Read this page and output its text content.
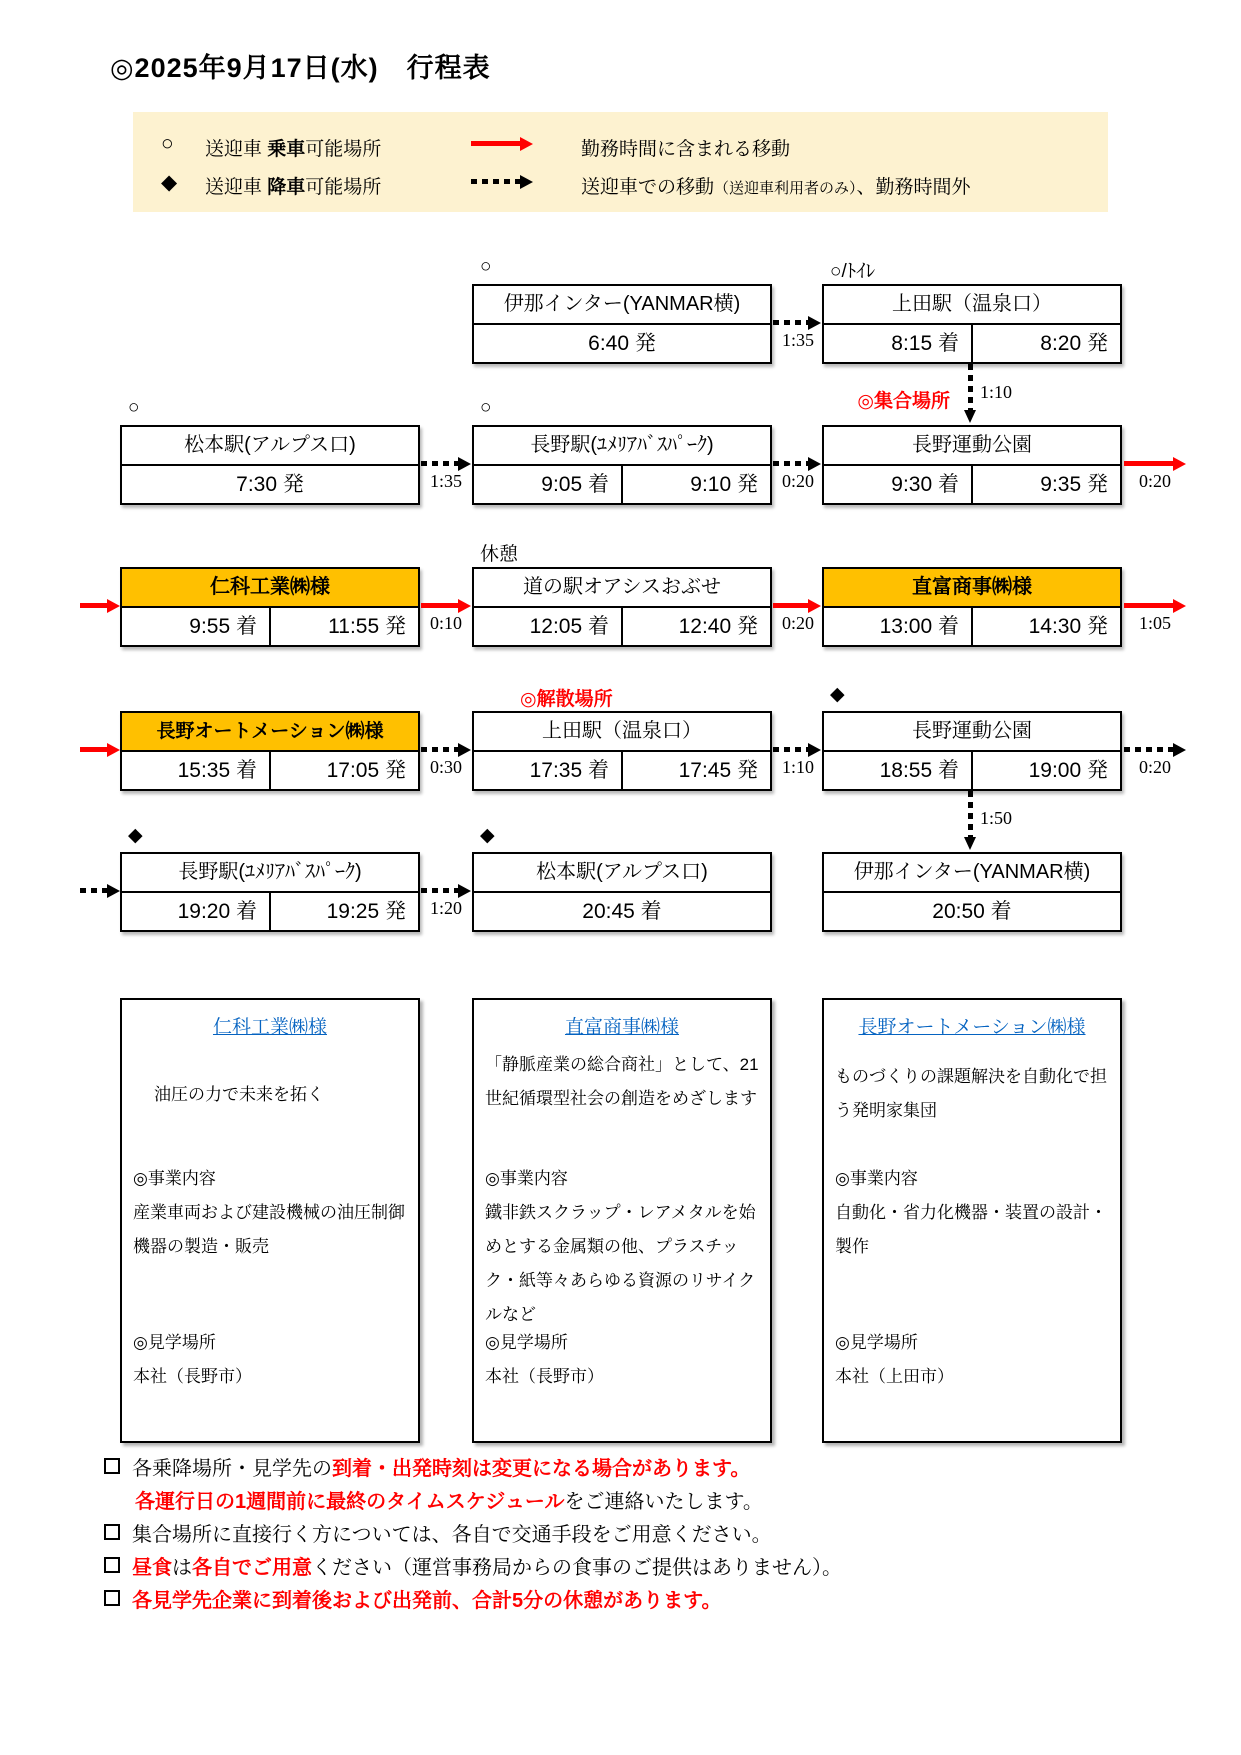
◎2025年9月17日(水)　行程表
○ 送迎車 乗車可能場所
◆ 送迎車 降車可能場所
勤務時間に含まれる移動
送迎車での移動（送迎車利用者のみ）、勤務時間外
○
伊那インター(YANMAR横)
6:40 発
○/ﾄｲﾚ
上田駅（温泉口）
8:15 着	8:20 発
1:35
1:10
◎集合場所
○
松本駅(アルプス口)
7:30 発
○
長野駅(ﾕﾒﾘｱﾊﾞｽﾊﾟｰｸ)
9:05 着	9:10 発
長野運動公園
9:30 着	9:35 発
1:35	0:20	0:20
仁科工業㈱様
9:55 着	11:55 発
休憩
道の駅オアシスおぶせ
12:05 着	12:40 発
直富商事㈱様
13:00 着	14:30 発
0:10	0:20	1:05
長野オートメーション㈱様
15:35 着	17:05 発
上田駅（温泉口）
17:35 着	17:45 発
◆
長野運動公園
18:55 着	19:00 発
◎解散場所
0:30	1:10	0:20
1:50
◆
長野駅(ﾕﾒﾘｱﾊﾞｽﾊﾟｰｸ)
19:20 着	19:25 発
◆
松本駅(アルプス口)
20:45 着
伊那インター(YANMAR横)
20:50 着
1:20
仁科工業㈱様
油圧の力で未来を拓く
◎事業内容
産業車両および建設機械の油圧制御機器の製造・販売
◎見学場所
本社（長野市）
直富商事㈱様
「静脈産業の総合商社」として、21世紀循環型社会の創造をめざします
◎事業内容
鐵非鉄スクラップ・レアメタルを始めとする金属類の他、プラスチック・紙等々あらゆる資源のリサイクルなど
◎見学場所
本社（長野市）
長野オートメーション㈱様
ものづくりの課題解決を自動化で担う発明家集団
◎事業内容
自動化・省力化機器・装置の設計・製作
◎見学場所
本社（上田市）
各乗降場所・見学先の到着・出発時刻は変更になる場合があります。
各運行日の1週間前に最終のタイムスケジュールをご連絡いたします。
集合場所に直接行く方については、各自で交通手段をご用意ください。
昼食は各自でご用意ください（運営事務局からの食事のご提供はありません）。
各見学先企業に到着後および出発前、合計5分の休憩があります。
